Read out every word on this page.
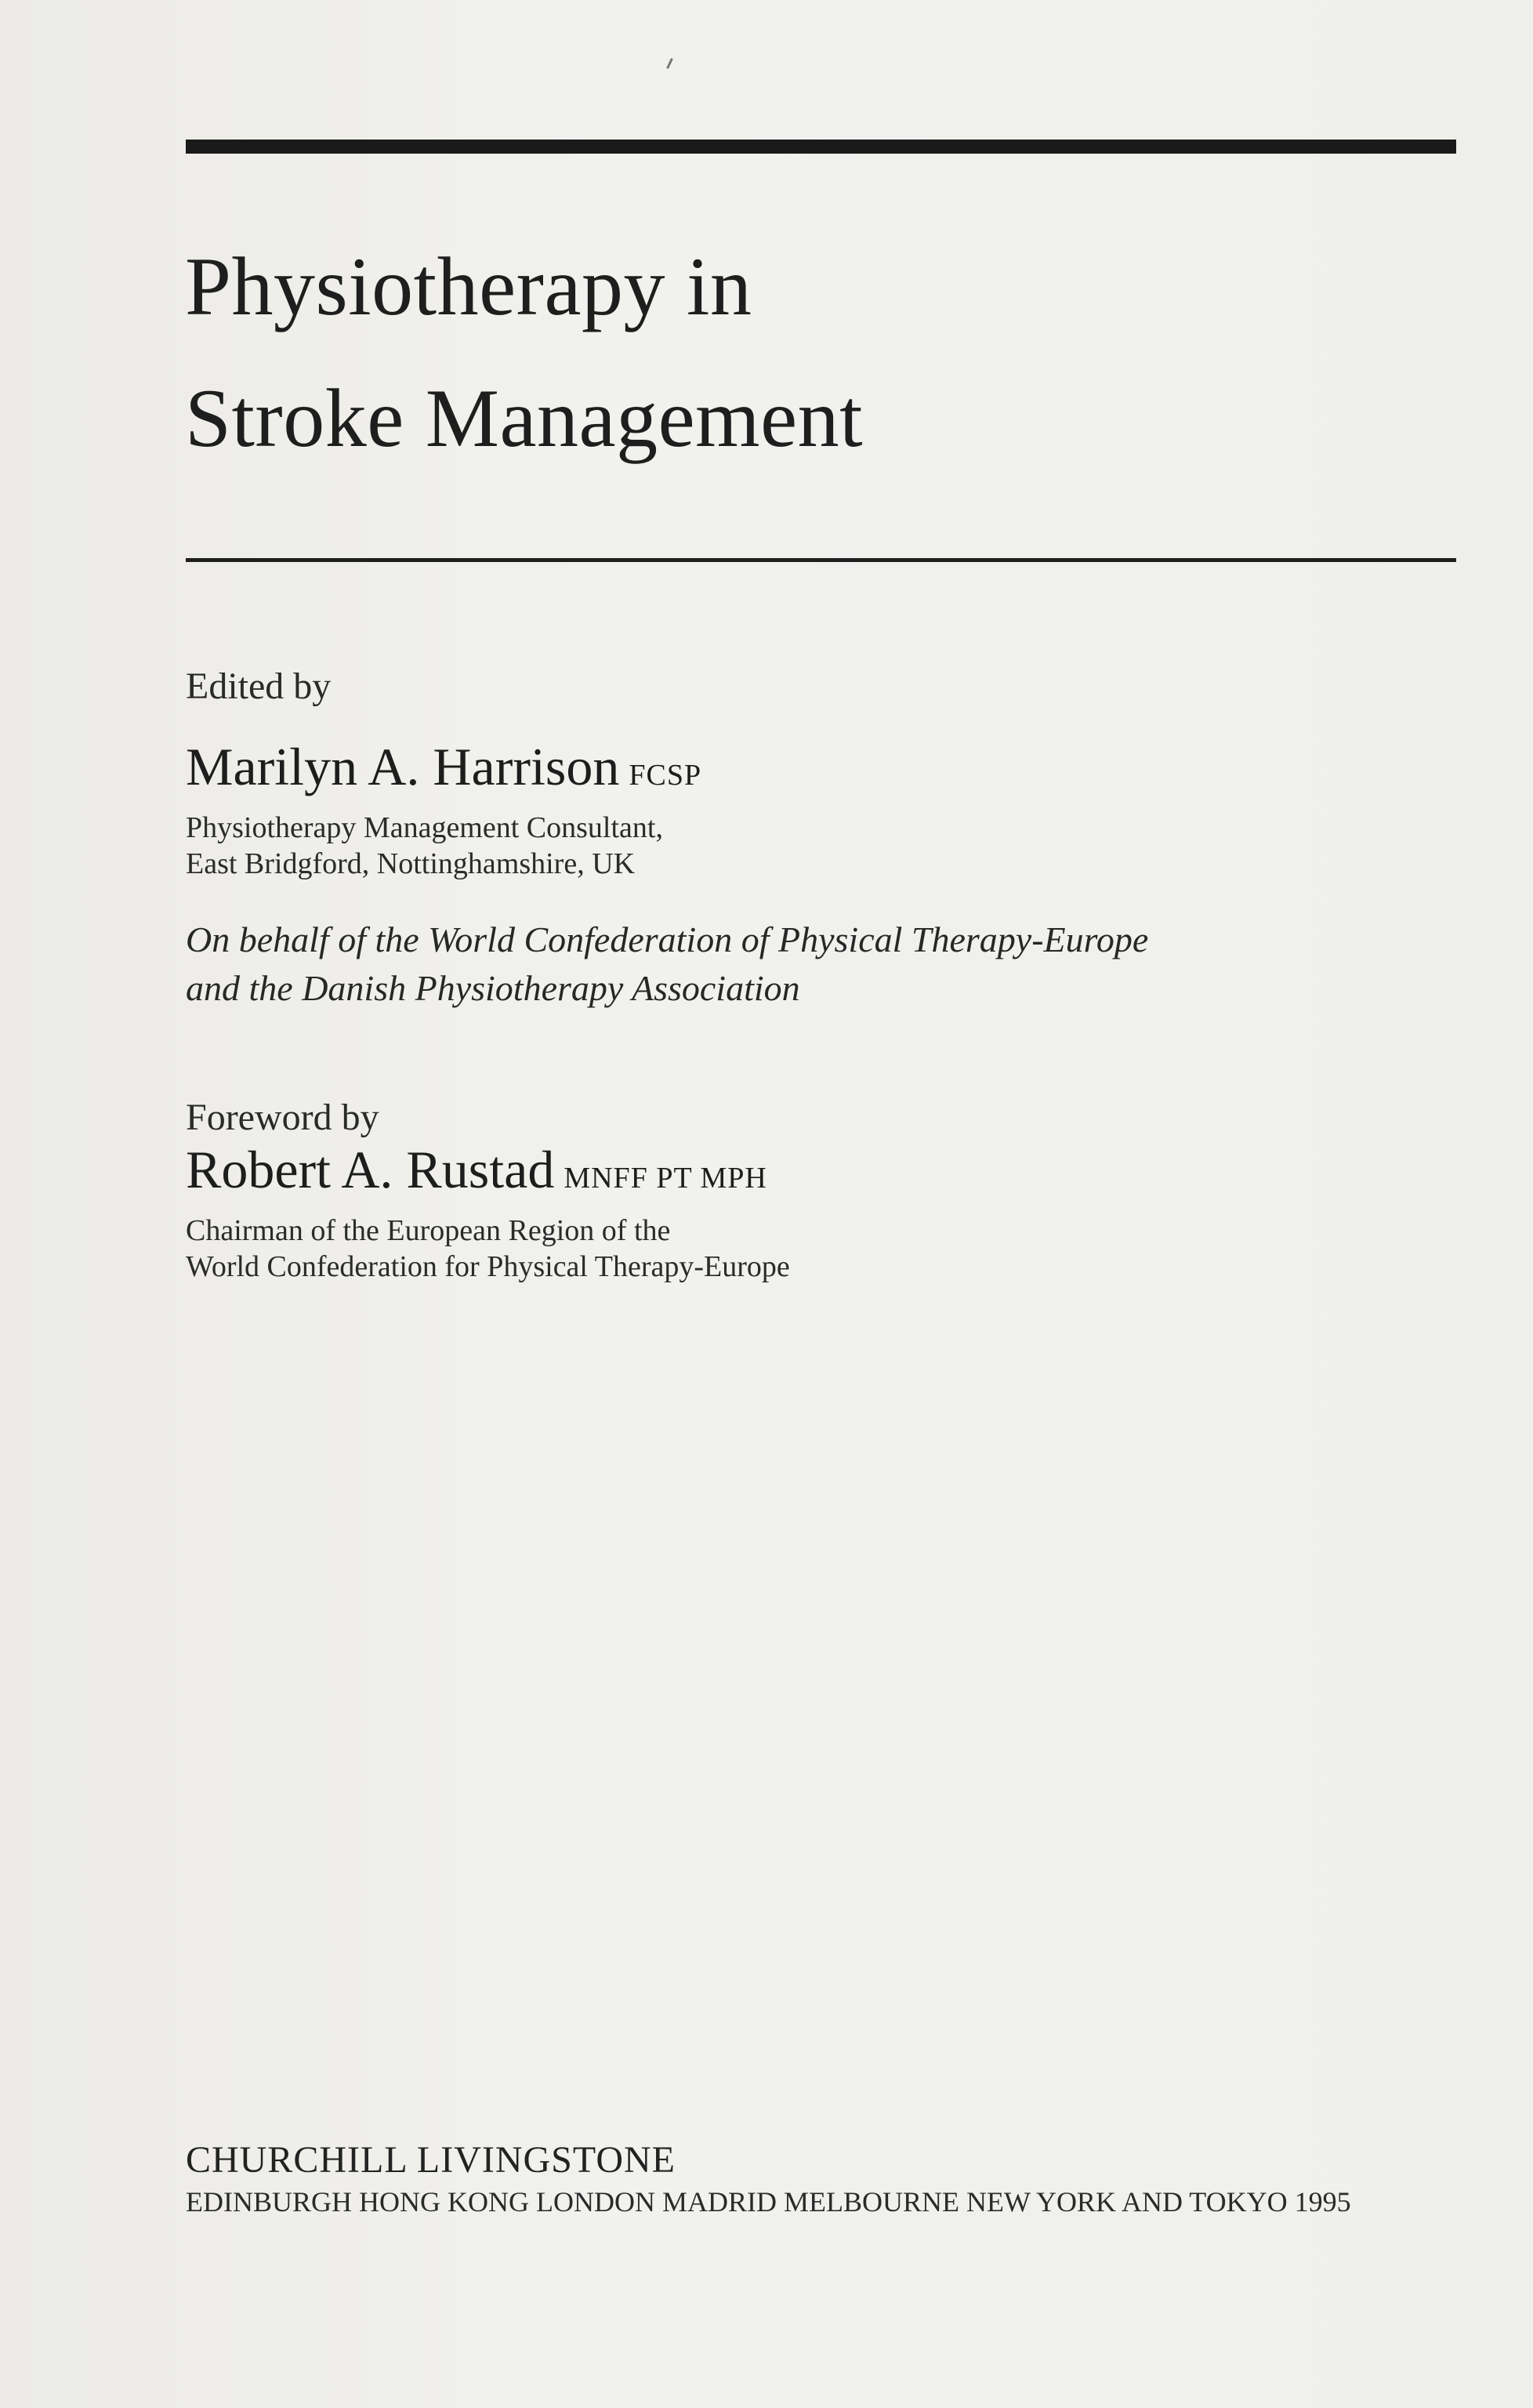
Physiotherapy in
Stroke Management
Edited by
Marilyn A. Harrison FCSP
Physiotherapy Management Consultant,
East Bridgford, Nottinghamshire, UK
On behalf of the World Confederation of Physical Therapy-Europe
and the Danish Physiotherapy Association
Foreword by
Robert A. Rustad MNFF PT MPH
Chairman of the European Region of the
World Confederation for Physical Therapy-Europe
CHURCHILL LIVINGSTONE
EDINBURGH HONG KONG LONDON MADRID MELBOURNE NEW YORK AND TOKYO 1995
